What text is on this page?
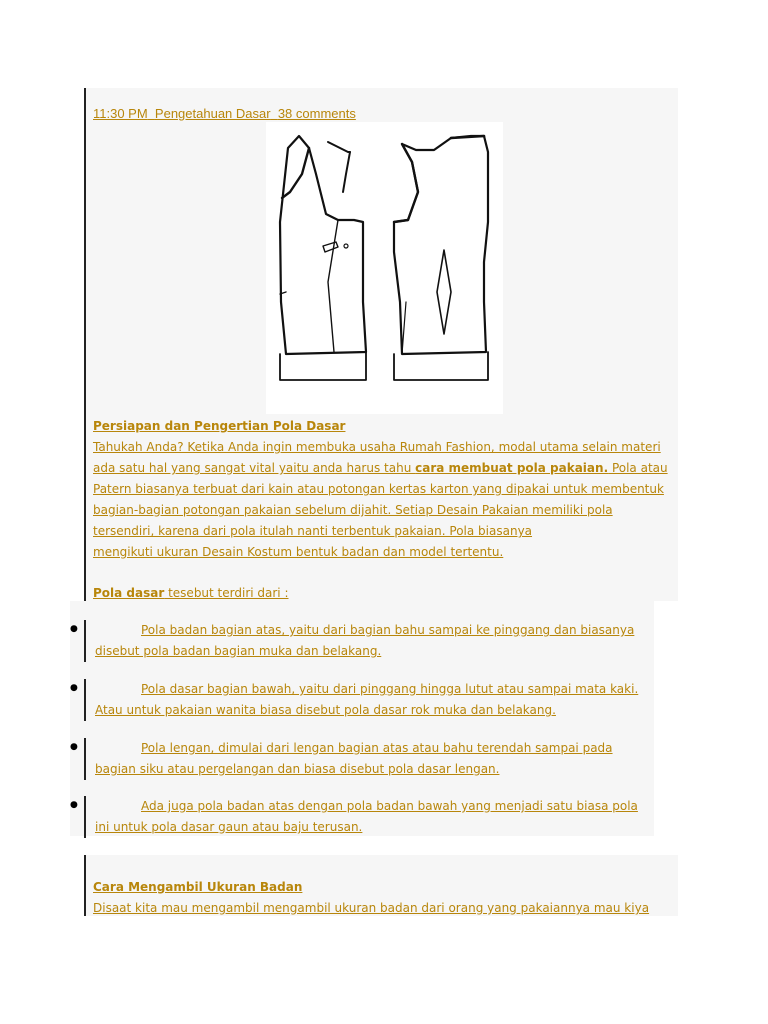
11:30 PM Pengetahuan Dasar 38 comments
Persiapan dan Pengertian Pola Dasar
Tahukah Anda? Ketika Anda ingin membuka usaha Rumah Fashion, modal utama selain materi
ada satu hal yang sangat vital yaitu anda harus tahu cara membuat pola pakaian. Pola atau
Patern biasanya terbuat dari kain atau potongan kertas karton yang dipakai untuk membentuk
bagian-bagian potongan pakaian sebelum dijahit. Setiap Desain Pakaian memiliki pola
tersendiri, karena dari pola itulah nanti terbentuk pakaian. Pola biasanya
mengikuti ukuran Desain Kostum bentuk badan dan model tertentu.
Pola dasar tesebut terdiri dari :
●	Pola badan bagian atas, yaitu dari bagian bahu sampai ke pinggang dan biasanya
disebut pola badan bagian muka dan belakang.
●	Pola dasar bagian bawah, yaitu dari pinggang hingga lutut atau sampai mata kaki.
Atau untuk pakaian wanita biasa disebut pola dasar rok muka dan belakang.
●	Pola lengan, dimulai dari lengan bagian atas atau bahu terendah sampai pada
bagian siku atau pergelangan dan biasa disebut pola dasar lengan.
●	Ada juga pola badan atas dengan pola badan bawah yang menjadi satu biasa pola
ini untuk pola dasar gaun atau baju terusan.
Cara Mengambil Ukuran Badan
Disaat kita mau mengambil mengambil ukuran badan dari orang yang pakaiannya mau kiya
